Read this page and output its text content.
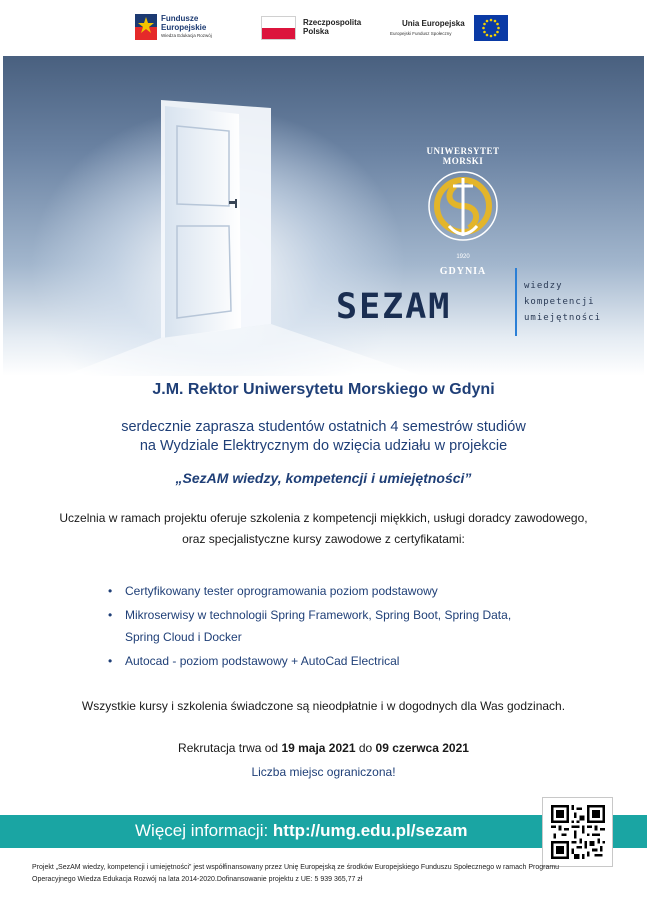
Fundusze
Europejskie
Wiedza Edukacja Rozwój
Rzeczpospolita
Polska
Unia Europejska
Europejski Fundusz Społeczny
UNIWERSYTET MORSKI
1920
GDYNIA
SEZAM
wiedzy
kompetencji
umiejętności
J.M. Rektor Uniwersytetu Morskiego w Gdyni
serdecznie zaprasza studentów ostatnich 4 semestrów studiów
na Wydziale Elektrycznym do wzięcia udziału w projekcie
„SezAM wiedzy, kompetencji i umiejętności”
Uczelnia w ramach projektu oferuje szkolenia z kompetencji miękkich, usługi doradcy zawodowego,
oraz specjalistyczne kursy zawodowe z certyfikatami:
• Certyfikowany tester oprogramowania poziom podstawowy
• Mikroserwisy w technologii Spring Framework, Spring Boot, Spring Data,
Spring Cloud i Docker
• Autocad - poziom podstawowy + AutoCad Electrical
Wszystkie kursy i szkolenia świadczone są nieodpłatnie i w dogodnych dla Was godzinach.
Rekrutacja trwa od 19 maja 2021 do 09 czerwca 2021
Liczba miejsc ograniczona!
Więcej informacji: http://umg.edu.pl/sezam
Projekt „SezAM wiedzy, kompetencji i umiejętności” jest współfinansowany przez Unię Europejską ze środków Europejskiego Funduszu Społecznego w ramach Programu Operacyjnego Wiedza Edukacja Rozwój na lata 2014-2020.Dofinansowanie projektu z UE: 5 939 365,77 zł
